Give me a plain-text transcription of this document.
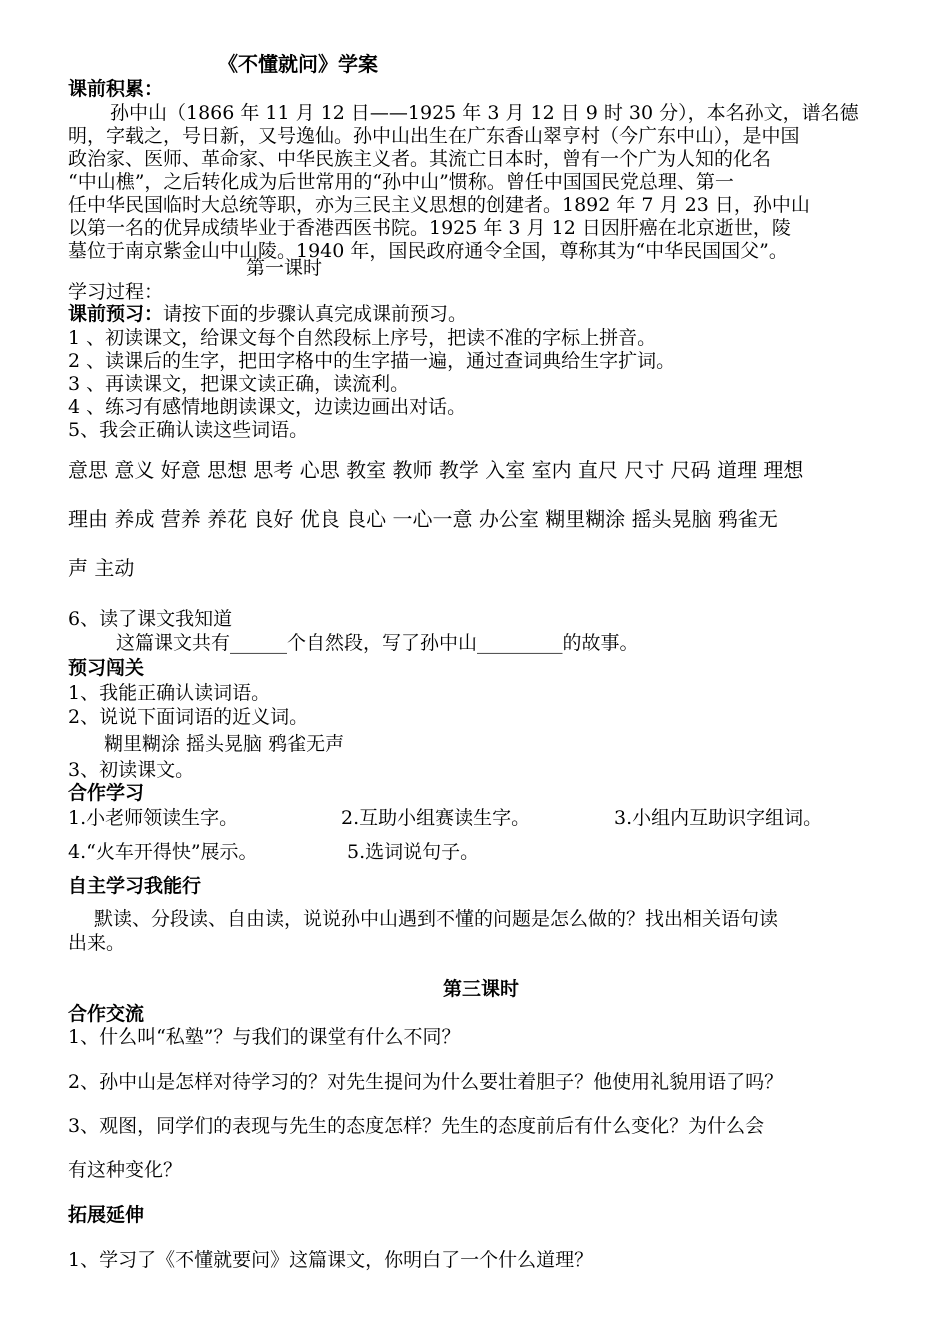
《不懂就问》学案
课前积累：
孙中山（1866 年 11 月 12 日——1925 年 3 月 12 日 9 时 30 分），本名孙文，谱名德
明，字载之，号日新，又号逸仙。孙中山出生在广东香山翠亨村（今广东中山），是中国
政治家、医师、革命家、中华民族主义者。其流亡日本时，曾有一个广为人知的化名
“中山樵”，之后转化成为后世常用的“孙中山”惯称。曾任中国国民党总理、第一
任中华民国临时大总统等职，亦为三民主义思想的创建者。1892 年 7 月 23 日，孙中山
以第一名的优异成绩毕业于香港西医书院。1925 年 3 月 12 日因肝癌在北京逝世，陵
墓位于南京紫金山中山陵。1940 年，国民政府通令全国，尊称其为“中华民国国父”。
第一课时
学习过程：
课前预习：请按下面的步骤认真完成课前预习。
1 、初读课文，给课文每个自然段标上序号，把读不准的字标上拼音。
2 、读课后的生字，把田字格中的生字描一遍，通过查词典给生字扩词。
3 、再读课文，把课文读正确，读流利。
4 、练习有感情地朗读课文，边读边画出对话。
5、我会正确认读这些词语。
意思 意义 好意 思想 思考 心思 教室 教师 教学 入室 室内 直尺 尺寸 尺码 道理 理想
理由 养成 营养 养花 良好 优良 良心 一心一意 办公室 糊里糊涂 摇头晃脑 鸦雀无
声 主动
6、读了课文我知道
这篇课文共有______个自然段，写了孙中山_________的故事。
预习闯关
1、我能正确认读词语。
2、说说下面词语的近义词。
糊里糊涂 摇头晃脑 鸦雀无声
3、初读课文。
合作学习
1.小老师领读生字。	2.互助小组赛读生字。	3.小组内互助识字组词。
4.“火车开得快”展示。	5.选词说句子。
自主学习我能行
默读、分段读、自由读，说说孙中山遇到不懂的问题是怎么做的？找出相关语句读
出来。
第三课时
合作交流
1、什么叫“私塾”？与我们的课堂有什么不同？
2、孙中山是怎样对待学习的？对先生提问为什么要壮着胆子？他使用礼貌用语了吗？
3、观图，同学们的表现与先生的态度怎样？先生的态度前后有什么变化？为什么会
有这种变化？
拓展延伸
1、学习了《不懂就要问》这篇课文，你明白了一个什么道理？
